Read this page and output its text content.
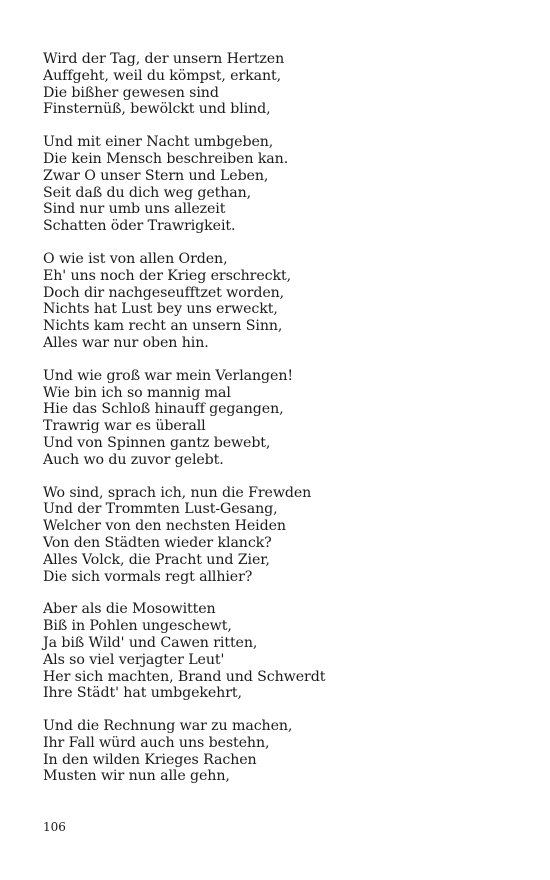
Wird der Tag, der unsern Hertzen
Auffgeht, weil du kömpst, erkant,
Die bißher gewesen sind
Finsternüß, bewölckt und blind,
Und mit einer Nacht umbgeben,
Die kein Mensch beschreiben kan.
Zwar O unser Stern und Leben,
Seit daß du dich weg gethan,
Sind nur umb uns allezeit
Schatten öder Trawrigkeit.
O wie ist von allen Orden,
Eh' uns noch der Krieg erschreckt,
Doch dir nachgeseufftzet worden,
Nichts hat Lust bey uns erweckt,
Nichts kam recht an unsern Sinn,
Alles war nur oben hin.
Und wie groß war mein Verlangen!
Wie bin ich so mannig mal
Hie das Schloß hinauff gegangen,
Trawrig war es überall
Und von Spinnen gantz bewebt,
Auch wo du zuvor gelebt.
Wo sind, sprach ich, nun die Frewden
Und der Trommten Lust-Gesang,
Welcher von den nechsten Heiden
Von den Städten wieder klanck?
Alles Volck, die Pracht und Zier,
Die sich vormals regt allhier?
Aber als die Mosowitten
Biß in Pohlen ungeschewt,
Ja biß Wild' und Cawen ritten,
Als so viel verjagter Leut'
Her sich machten, Brand und Schwerdt
Ihre Städt' hat umbgekehrt,
Und die Rechnung war zu machen,
Ihr Fall würd auch uns bestehn,
In den wilden Krieges Rachen
Musten wir nun alle gehn,
106
